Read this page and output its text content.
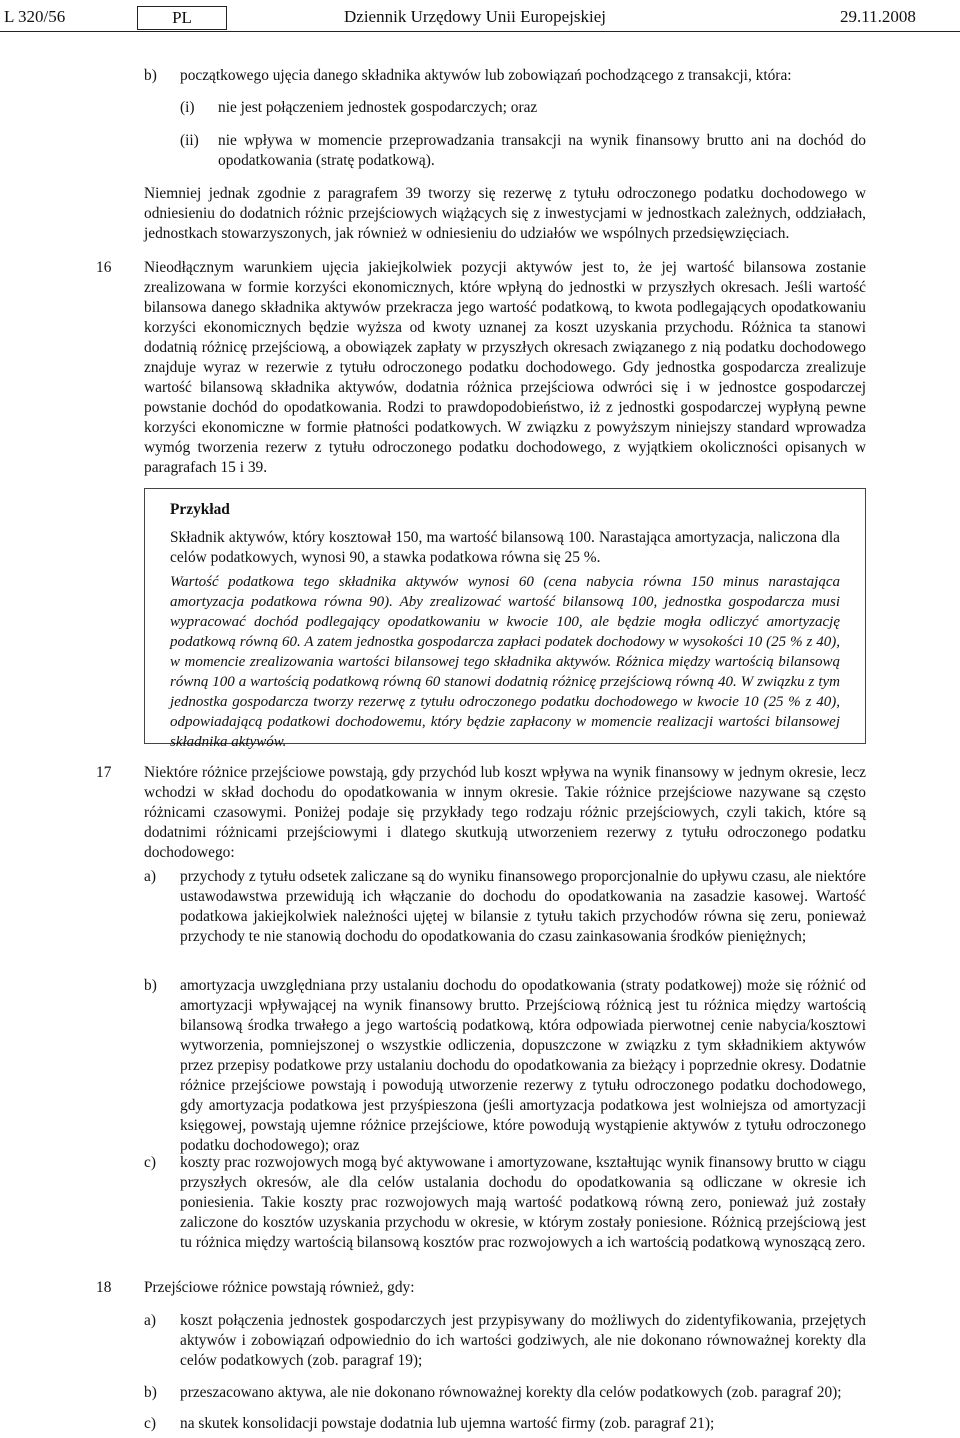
L 320/56	PL	Dziennik Urzędowy Unii Europejskiej	29.11.2008

b) początkowego ujęcia danego składnika aktywów lub zobowiązań pochodzącego z transakcji, która:

(i) nie jest połączeniem jednostek gospodarczych; oraz

(ii) nie wpływa w momencie przeprowadzania transakcji na wynik finansowy brutto ani na dochód do opodatkowania (stratę podatkową).

Niemniej jednak zgodnie z paragrafem 39 tworzy się rezerwę z tytułu odroczonego podatku dochodowego w odniesieniu do dodatnich różnic przejściowych wiążących się z inwestycjami w jednostkach zależnych, oddziałach, jednostkach stowarzyszonych, jak również w odniesieniu do udziałów we wspólnych przedsięwzięciach.

16 Nieodłącznym warunkiem ujęcia jakiejkolwiek pozycji aktywów jest to, że jej wartość bilansowa zostanie zrealizowana w formie korzyści ekonomicznych, które wpłyną do jednostki w przyszłych okresach. Jeśli wartość bilansowa danego składnika aktywów przekracza jego wartość podatkową, to kwota podlegających opodatkowaniu korzyści ekonomicznych będzie wyższa od kwoty uznanej za koszt uzyskania przychodu. Różnica ta stanowi dodatnią różnicę przejściową, a obowiązek zapłaty w przyszłych okresach związanego z nią podatku dochodowego znajduje wyraz w rezerwie z tytułu odroczonego podatku dochodowego. Gdy jednostka gospodarcza zrealizuje wartość bilansową składnika aktywów, dodatnia różnica przejściowa odwróci się i w jednostce gospodarczej powstanie dochód do opodatkowania. Rodzi to prawdopodobieństwo, iż z jednostki gospodarczej wypłyną pewne korzyści ekonomiczne w formie płatności podatkowych. W związku z powyższym niniejszy standard wprowadza wymóg tworzenia rezerw z tytułu odroczonego podatku dochodowego, z wyjątkiem okoliczności opisanych w paragrafach 15 i 39.

Przykład

Składnik aktywów, który kosztował 150, ma wartość bilansową 100. Narastająca amortyzacja, naliczona dla celów podatkowych, wynosi 90, a stawka podatkowa równa się 25 %.

Wartość podatkowa tego składnika aktywów wynosi 60 (cena nabycia równa 150 minus narastająca amortyzacja podatkowa równa 90). Aby zrealizować wartość bilansową 100, jednostka gospodarcza musi wypracować dochód podlegający opodatkowaniu w kwocie 100, ale będzie mogła odliczyć amortyzację podatkową równą 60. A zatem jednostka gospodarcza zapłaci podatek dochodowy w wysokości 10 (25 % z 40), w momencie zrealizowania wartości bilansowej tego składnika aktywów. Różnica między wartością bilansową równą 100 a wartością podatkową równą 60 stanowi dodatnią różnicę przejściową równą 40. W związku z tym jednostka gospodarcza tworzy rezerwę z tytułu odroczonego podatku dochodowego w kwocie 10 (25 % z 40), odpowiadającą podatkowi dochodowemu, który będzie zapłacony w momencie realizacji wartości bilansowej składnika aktywów.

17 Niektóre różnice przejściowe powstają, gdy przychód lub koszt wpływa na wynik finansowy w jednym okresie, lecz wchodzi w skład dochodu do opodatkowania w innym okresie. Takie różnice przejściowe nazywane są często różnicami czasowymi. Poniżej podaje się przykłady tego rodzaju różnic przejściowych, czyli takich, które są dodatnimi różnicami przejściowymi i dlatego skutkują utworzeniem rezerwy z tytułu odroczonego podatku dochodowego:

a) przychody z tytułu odsetek zaliczane są do wyniku finansowego proporcjonalnie do upływu czasu, ale niektóre ustawodawstwa przewidują ich włączanie do dochodu do opodatkowania na zasadzie kasowej. Wartość podatkowa jakiejkolwiek należności ujętej w bilansie z tytułu takich przychodów równa się zeru, ponieważ przychody te nie stanowią dochodu do opodatkowania do czasu zainkasowania środków pieniężnych;

b) amortyzacja uwzględniana przy ustalaniu dochodu do opodatkowania (straty podatkowej) może się różnić od amortyzacji wpływającej na wynik finansowy brutto. Przejściową różnicą jest tu różnica między wartością bilansową środka trwałego a jego wartością podatkową, która odpowiada pierwotnej cenie nabycia/kosztowi wytworzenia, pomniejszonej o wszystkie odliczenia, dopuszczone w związku z tym składnikiem aktywów przez przepisy podatkowe przy ustalaniu dochodu do opodatkowania za bieżący i poprzednie okresy. Dodatnie różnice przejściowe powstają i powodują utworzenie rezerwy z tytułu odroczonego podatku dochodowego, gdy amortyzacja podatkowa jest przyśpieszona (jeśli amortyzacja podatkowa jest wolniejsza od amortyzacji księgowej, powstają ujemne różnice przejściowe, które powodują wystąpienie aktywów z tytułu odroczonego podatku dochodowego); oraz

c) koszty prac rozwojowych mogą być aktywowane i amortyzowane, kształtując wynik finansowy brutto w ciągu przyszłych okresów, ale dla celów ustalania dochodu do opodatkowania są odliczane w okresie ich poniesienia. Takie koszty prac rozwojowych mają wartość podatkową równą zero, ponieważ już zostały zaliczone do kosztów uzyskania przychodu w okresie, w którym zostały poniesione. Różnicą przejściową jest tu różnica między wartością bilansową kosztów prac rozwojowych a ich wartością podatkową wynoszącą zero.

18 Przejściowe różnice powstają również, gdy:

a) koszt połączenia jednostek gospodarczych jest przypisywany do możliwych do zidentyfikowania, przejętych aktywów i zobowiązań odpowiednio do ich wartości godziwych, ale nie dokonano równoważnej korekty dla celów podatkowych (zob. paragraf 19);

b) przeszacowano aktywa, ale nie dokonano równoważnej korekty dla celów podatkowych (zob. paragraf 20);

c) na skutek konsolidacji powstaje dodatnia lub ujemna wartość firmy (zob. paragraf 21);
